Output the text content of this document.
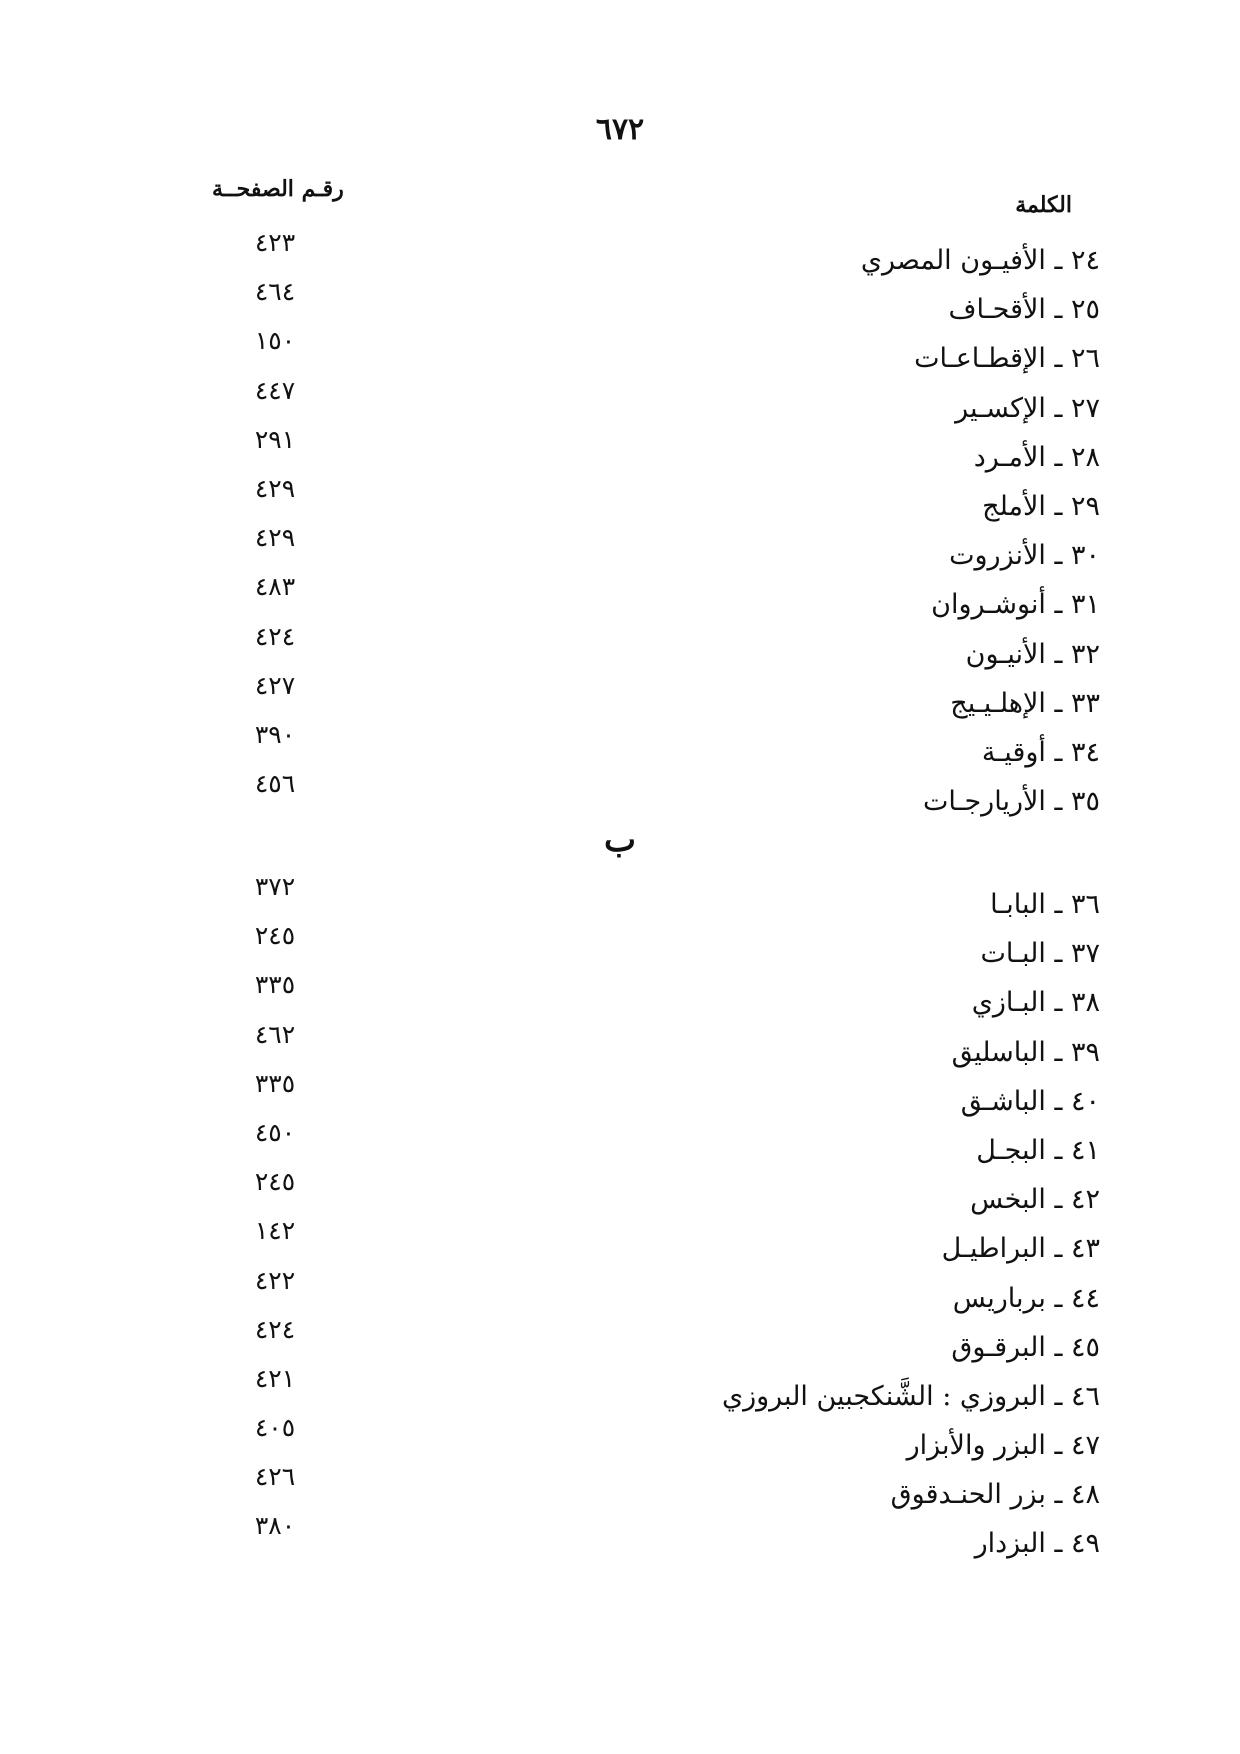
٦٧٢
الكلمة
رقـم الصفحــة
٢٤ ـ الأفيـون المصري
٢٥ ـ الأقحـاف
٢٦ ـ الإقطـاعـات
٢٧ ـ الإكسـير
٢٨ ـ الأمـرد
٢٩ ـ الأملج
٣٠ ـ الأنزروت
٣١ ـ أنوشـروان
٣٢ ـ الأنيـون
٣٣ ـ الإهلـيـيج
٣٤ ـ أوقيـة
٣٥ ـ الأريارجـات
٤٢٣
٤٦٤
١٥٠
٤٤٧
٢٩١
٤٢٩
٤٢٩
٤٨٣
٤٢٤
٤٢٧
٣٩٠
٤٥٦
ب
٣٦ ـ البابـا
٣٧ ـ البـات
٣٨ ـ البـازي
٣٩ ـ الباسليق
٤٠ ـ الباشـق
٤١ ـ البجـل
٤٢ ـ البخس
٤٣ ـ البراطيـل
٤٤ ـ برباريس
٤٥ ـ البرقـوق
٤٦ ـ البروزي : الشَّنكجبين البروزي
٤٧ ـ البزر والأبزار
٤٨ ـ بزر الحنـدقوق
٤٩ ـ البزدار
٣٧٢
٢٤٥
٣٣٥
٤٦٢
٣٣٥
٤٥٠
٢٤٥
١٤٢
٤٢٢
٤٢٤
٤٢١
٤٠٥
٤٢٦
٣٨٠
